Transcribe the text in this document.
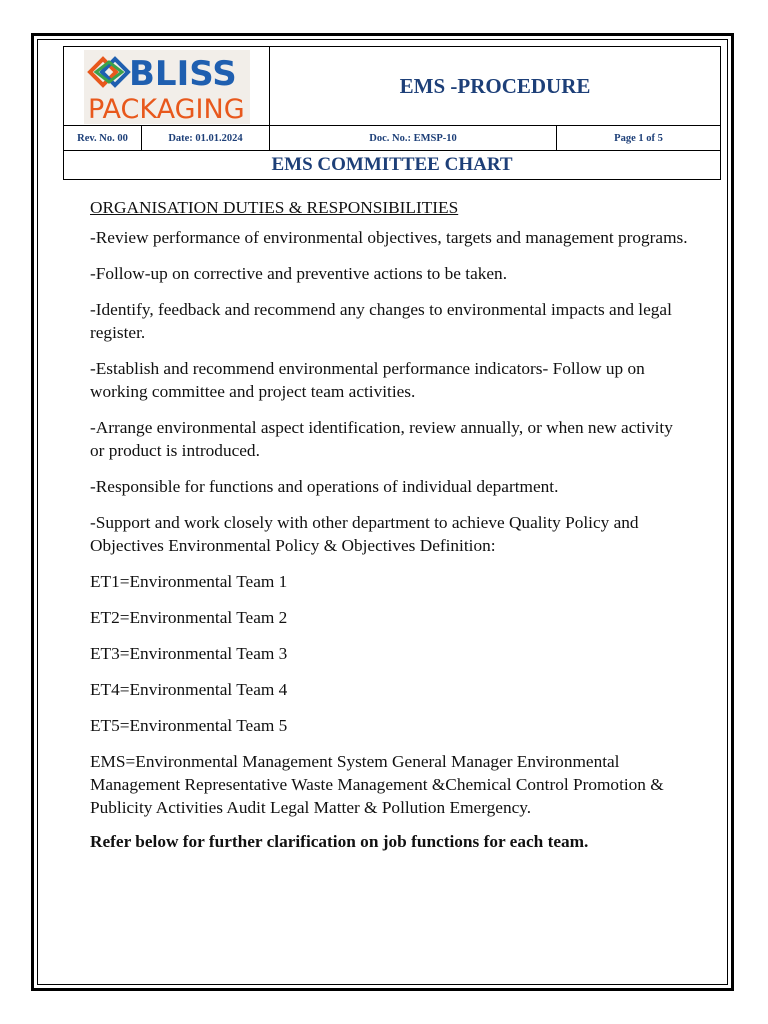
BLISS
PACKAGING		EMS -PROCEDURE	
Rev. No. 00	Date: 01.01.2024	Doc. No.: EMSP-10	Page 1 of 5
EMS COMMITTEE CHART			

ORGANISATION DUTIES & RESPONSIBILITIES

-Review performance of environmental objectives, targets and management programs.

-Follow-up on corrective and preventive actions to be taken.

-Identify, feedback and recommend any changes to environmental impacts and legal register.

-Establish and recommend environmental performance indicators- Follow up on working committee and project team activities.

-Arrange environmental aspect identification, review annually, or when new activity or product is introduced.

-Responsible for functions and operations of individual department.

-Support and work closely with other department to achieve Quality Policy and Objectives Environmental Policy & Objectives Definition:

ET1=Environmental Team 1

ET2=Environmental Team 2

ET3=Environmental Team 3

ET4=Environmental Team 4

ET5=Environmental Team 5

EMS=Environmental Management System General Manager Environmental Management Representative Waste Management &Chemical Control Promotion & Publicity Activities Audit Legal Matter & Pollution Emergency.

Refer below for further clarification on job functions for each team.
